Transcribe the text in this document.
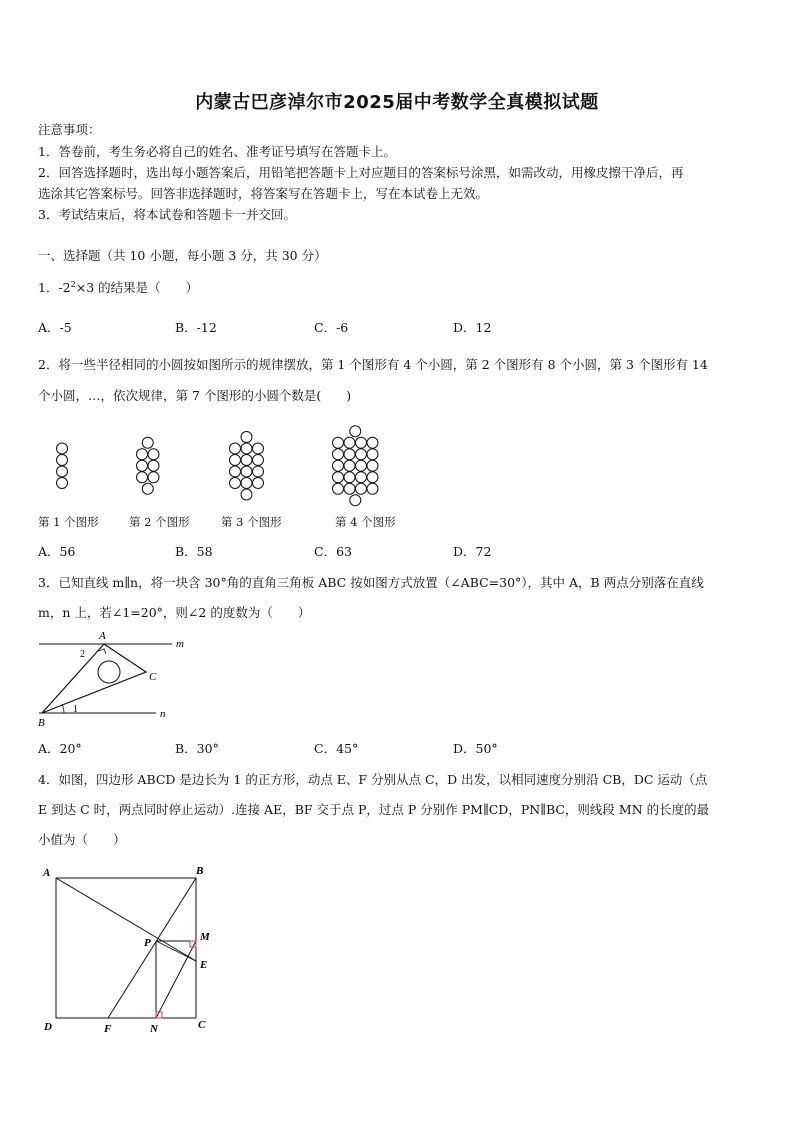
内蒙古巴彦淖尔市2025届中考数学全真模拟试题
注意事项：
1．答卷前，考生务必将自己的姓名、准考证号填写在答题卡上。
2．回答选择题时，选出每小题答案后，用铅笔把答题卡上对应题目的答案标号涂黑，如需改动，用橡皮擦干净后，再
选涂其它答案标号。回答非选择题时，将答案写在答题卡上，写在本试卷上无效。
3．考试结束后，将本试卷和答题卡一并交回。
一、选择题（共 10 小题，每小题 3 分，共 30 分）
1．$-2^2\times 3$ 的结果是（　　）
A．-5	B．-12	C．-6	D．12
2．将一些半径相同的小圆按如图所示的规律摆放，第 1 个图形有 4 个小圆，第 2 个图形有 8 个小圆，第 3 个图形有 14
个小圆，…，依次规律，第 7 个图形的小圆个数是(　　)
第 1 个图形	第 2 个图形	第 3 个图形	第 4 个图形
A．56	B．58	C．63	D．72
3．已知直线 m∥n，将一块含 30°角的直角三角板 ABC 按如图方式放置（∠ABC=30°），其中 A，B 两点分别落在直线
m，n 上，若∠1=20°，则∠2 的度数为（　　）
A
B
C
m
n
1
2
A．20°	B．30°	C．45°	D．50°
4．如图，四边形 ABCD 是边长为 1 的正方形，动点 E、F 分别从点 C，D 出发，以相同速度分别沿 CB，DC 运动（点
E 到达 C 时，两点同时停止运动）.连接 AE，BF 交于点 P，过点 P 分别作 PM∥CD，PN∥BC，则线段 MN 的长度的最
小值为（　　）
A	B
C
D
E
F
M
N
P
